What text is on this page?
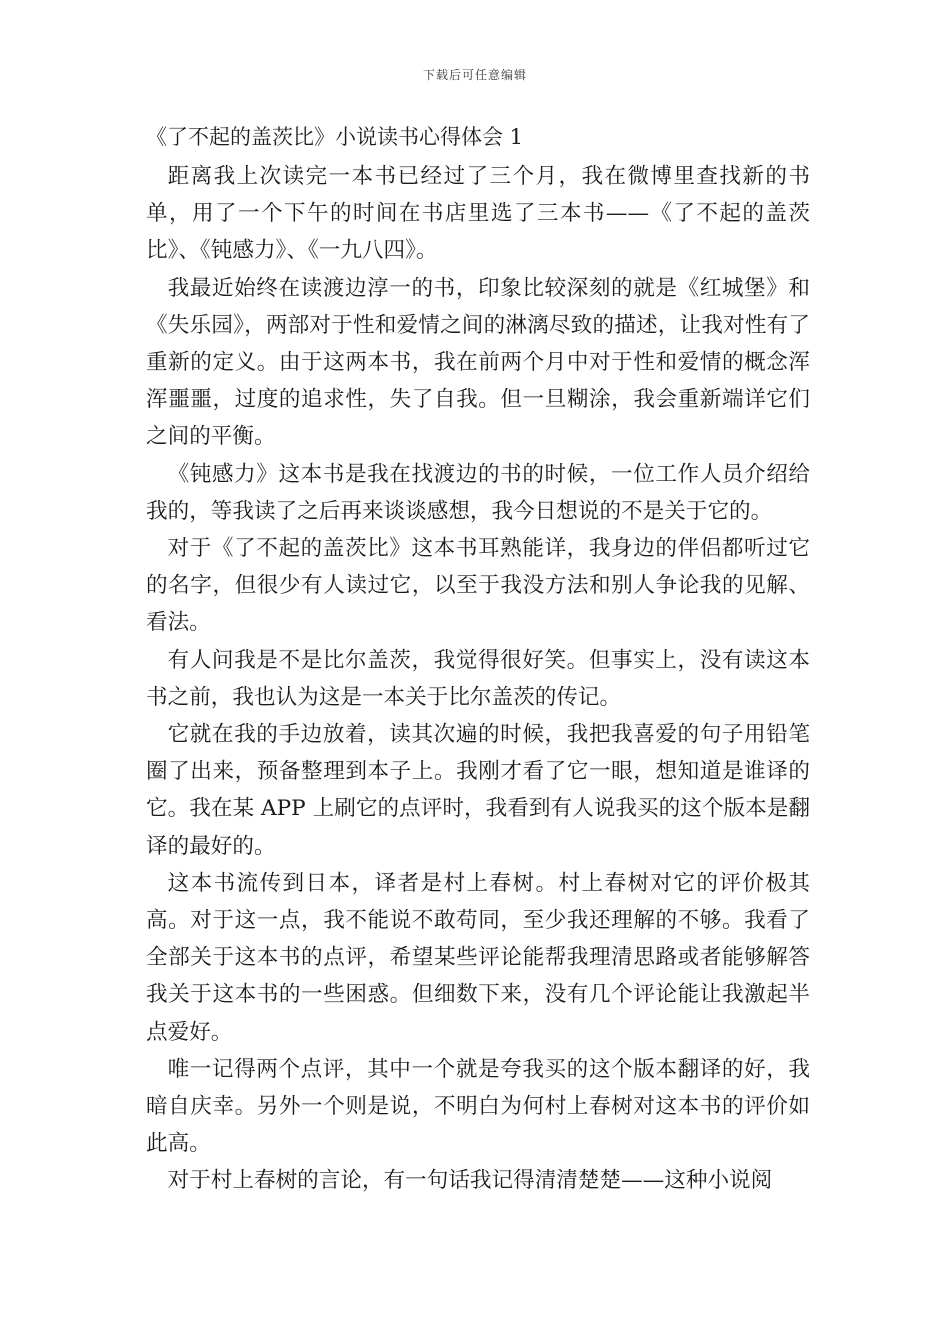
下载后可任意编辑
《了不起的盖茨比》小说读书心得体会 1

距离我上次读完一本书已经过了三个月，我在微博里查找新的书单，用了一个下午的时间在书店里选了三本书——《了不起的盖茨比》、《钝感力》、《一九八四》。

我最近始终在读渡边淳一的书，印象比较深刻的就是《红城堡》和《失乐园》，两部对于性和爱情之间的淋漓尽致的描述，让我对性有了重新的定义。由于这两本书，我在前两个月中对于性和爱情的概念浑浑噩噩，过度的追求性，失了自我。但一旦糊涂，我会重新端详它们之间的平衡。

《钝感力》这本书是我在找渡边的书的时候，一位工作人员介绍给我的，等我读了之后再来谈谈感想，我今日想说的不是关于它的。

对于《了不起的盖茨比》这本书耳熟能详，我身边的伴侣都听过它的名字，但很少有人读过它，以至于我没方法和别人争论我的见解、看法。

有人问我是不是比尔盖茨，我觉得很好笑。但事实上，没有读这本书之前，我也认为这是一本关于比尔盖茨的传记。

它就在我的手边放着，读其次遍的时候，我把我喜爱的句子用铅笔圈了出来，预备整理到本子上。我刚才看了它一眼，想知道是谁译的它。我在某 APP 上刷它的点评时，我看到有人说我买的这个版本是翻译的最好的。

这本书流传到日本，译者是村上春树。村上春树对它的评价极其高。对于这一点，我不能说不敢苟同，至少我还理解的不够。我看了全部关于这本书的点评，希望某些评论能帮我理清思路或者能够解答我关于这本书的一些困惑。但细数下来，没有几个评论能让我激起半点爱好。

唯一记得两个点评，其中一个就是夸我买的这个版本翻译的好，我暗自庆幸。另外一个则是说，不明白为何村上春树对这本书的评价如此高。

对于村上春树的言论，有一句话我记得清清楚楚——这种小说阅
